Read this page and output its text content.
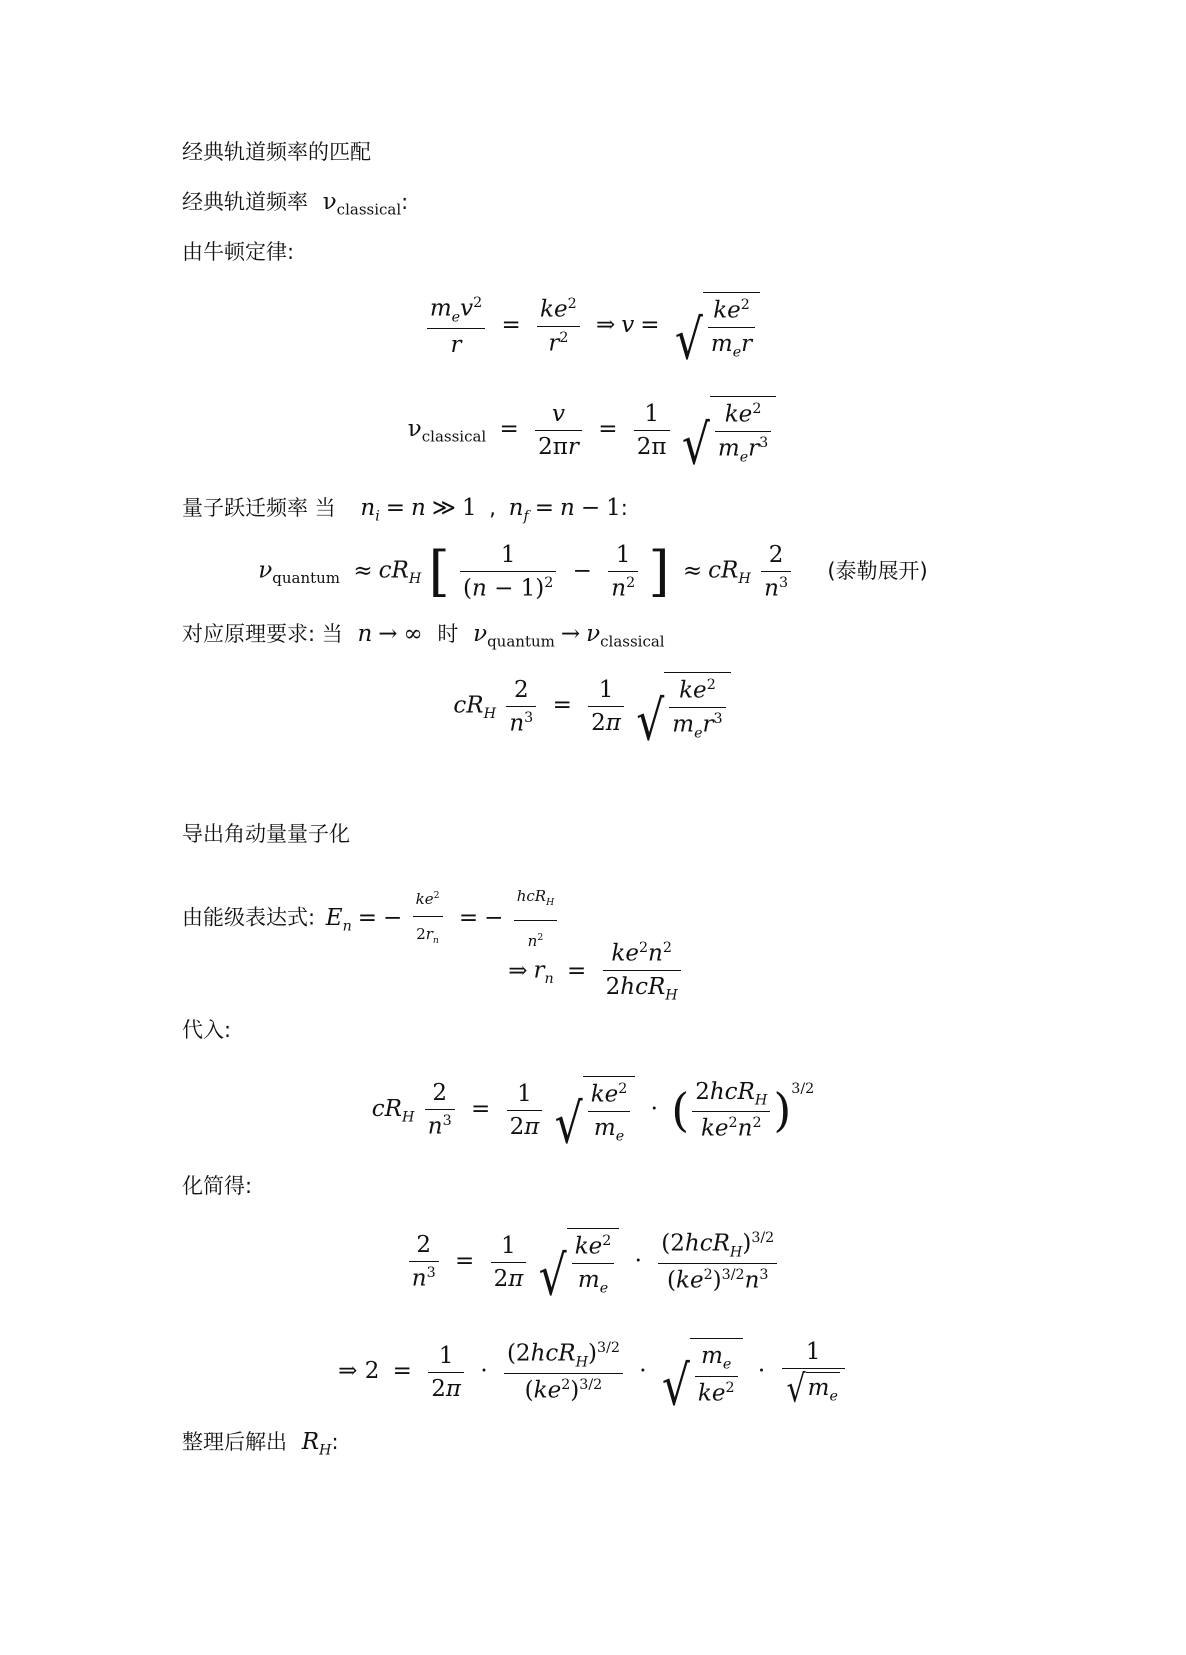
经典轨道频率的匹配
经典轨道频率 $\nu_{classical}$:
由牛顿定律:
$\frac{m_ev^2}{r} = \frac{ke^2}{r^2}$ ⇒ v = √ $\frac{ke^2}{m_er}$
$\nu_{classical} = \frac{v}{2\pi r} = \frac{1}{2\pi}$
√ $\frac{ke^2}{m_er^3}$
量子跃迁频率 当 $n_i = n$ ≫ 1 , $n_f = n - 1$:
$\nu_{quantum} \approx cR_H$ [ $\frac{1}{(n - 1)^2} - \frac{1}{n^2}$ ] ≈ $cR_H \frac{2}{n^3}$ (泰勒展开)
对应原理要求: 当 n → ∞ 时 $\nu_{quantum} \to \nu_{classical}$
$cR_H \frac{2}{n^3} = \frac{1}{2\pi}$
√ $\frac{ke^2}{m_er^3}$
导出角动量量子化
由能级表达式: $E_n$ = − $\frac{ke^2}{2r_n}$ = − $\frac{hcR_H}{n^2}$
⇒ $r_n = \frac{ke^2n^2}{2hcR_H}$
代入:
$cR_H \frac{2}{n^3} = \frac{1}{2\pi}$
√ $\frac{ke^2}{m_e}$ · ( $\frac{2hcR_H}{ke^2n^2} )^{3/2}$
化简得:
$\frac{2}{n^3} = \frac{1}{2\pi}$
√ $\frac{ke^2}{m_e} \cdot \frac{(2hcR_H)^{3/2}}{(ke^2)^{3/2}n^3}$
⇒ $2 = \frac{1}{2\pi} \cdot \frac{(2hcR_H)^{3/2}}{(ke^2)^{3/2}}$ · √ $\frac{m_e}{ke^2} \cdot \frac{1}{√ m_e}$
整理后解出 $R_H$:
